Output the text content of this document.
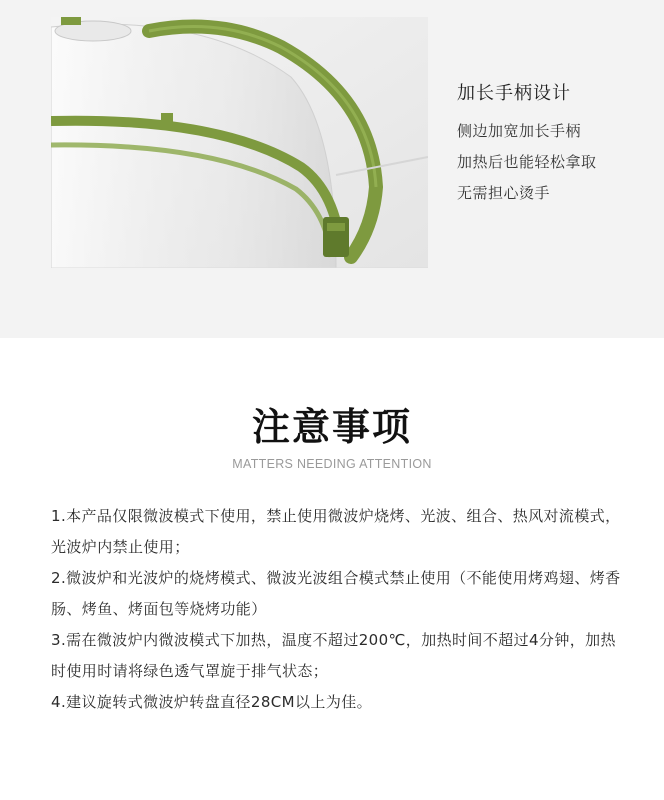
加长手柄设计
侧边加宽加长手柄
加热后也能轻松拿取
无需担心烫手
注意事项
MATTERS NEEDING ATTENTION
1.本产品仅限微波模式下使用，禁止使用微波炉烧烤、光波、组合、热风对流模式，光波炉内禁止使用；
2.微波炉和光波炉的烧烤模式、微波光波组合模式禁止使用（不能使用烤鸡翅、烤香肠、烤鱼、烤面包等烧烤功能）
3.需在微波炉内微波模式下加热，温度不超过200℃，加热时间不超过4分钟，加热时使用时请将绿色透气罩旋于排气状态；
4.建议旋转式微波炉转盘直径28CM以上为佳。
